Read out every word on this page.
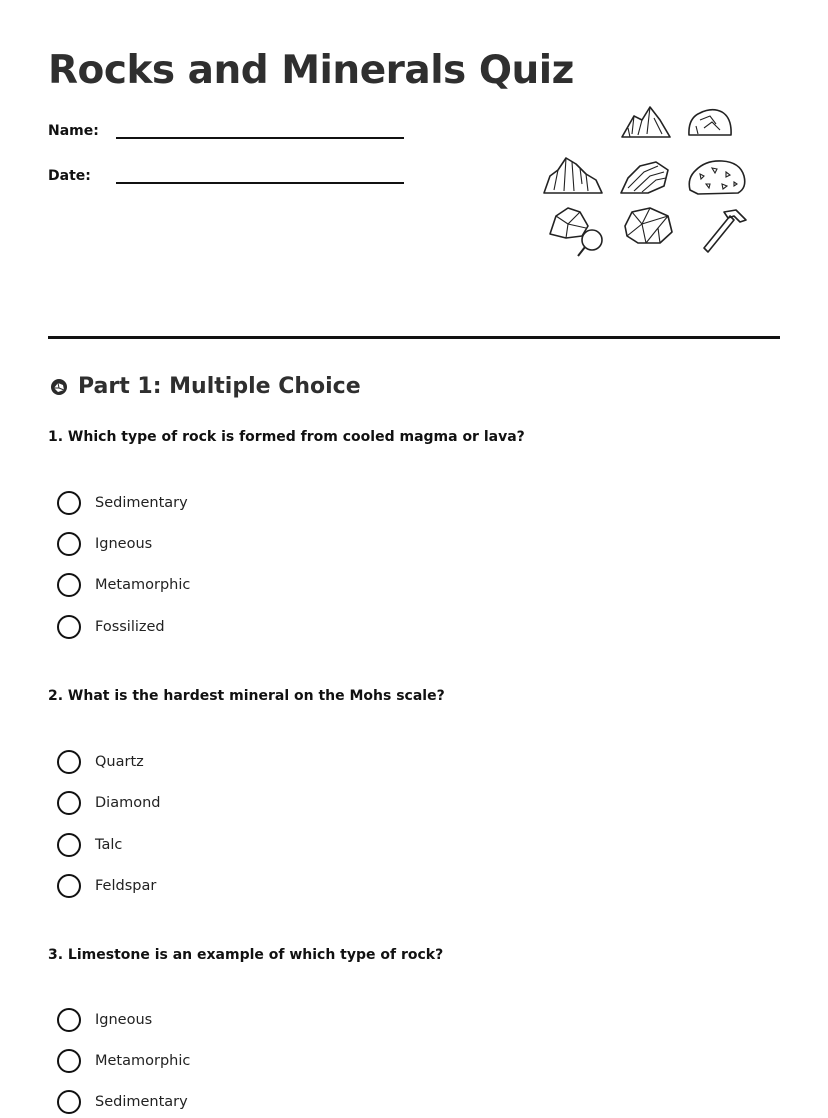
Rocks and Minerals Quiz
Name:
Date:
Part 1: Multiple Choice
1. Which type of rock is formed from cooled magma or lava?
Sedimentary
Igneous
Metamorphic
Fossilized
2. What is the hardest mineral on the Mohs scale?
Quartz
Diamond
Talc
Feldspar
3. Limestone is an example of which type of rock?
Igneous
Metamorphic
Sedimentary
